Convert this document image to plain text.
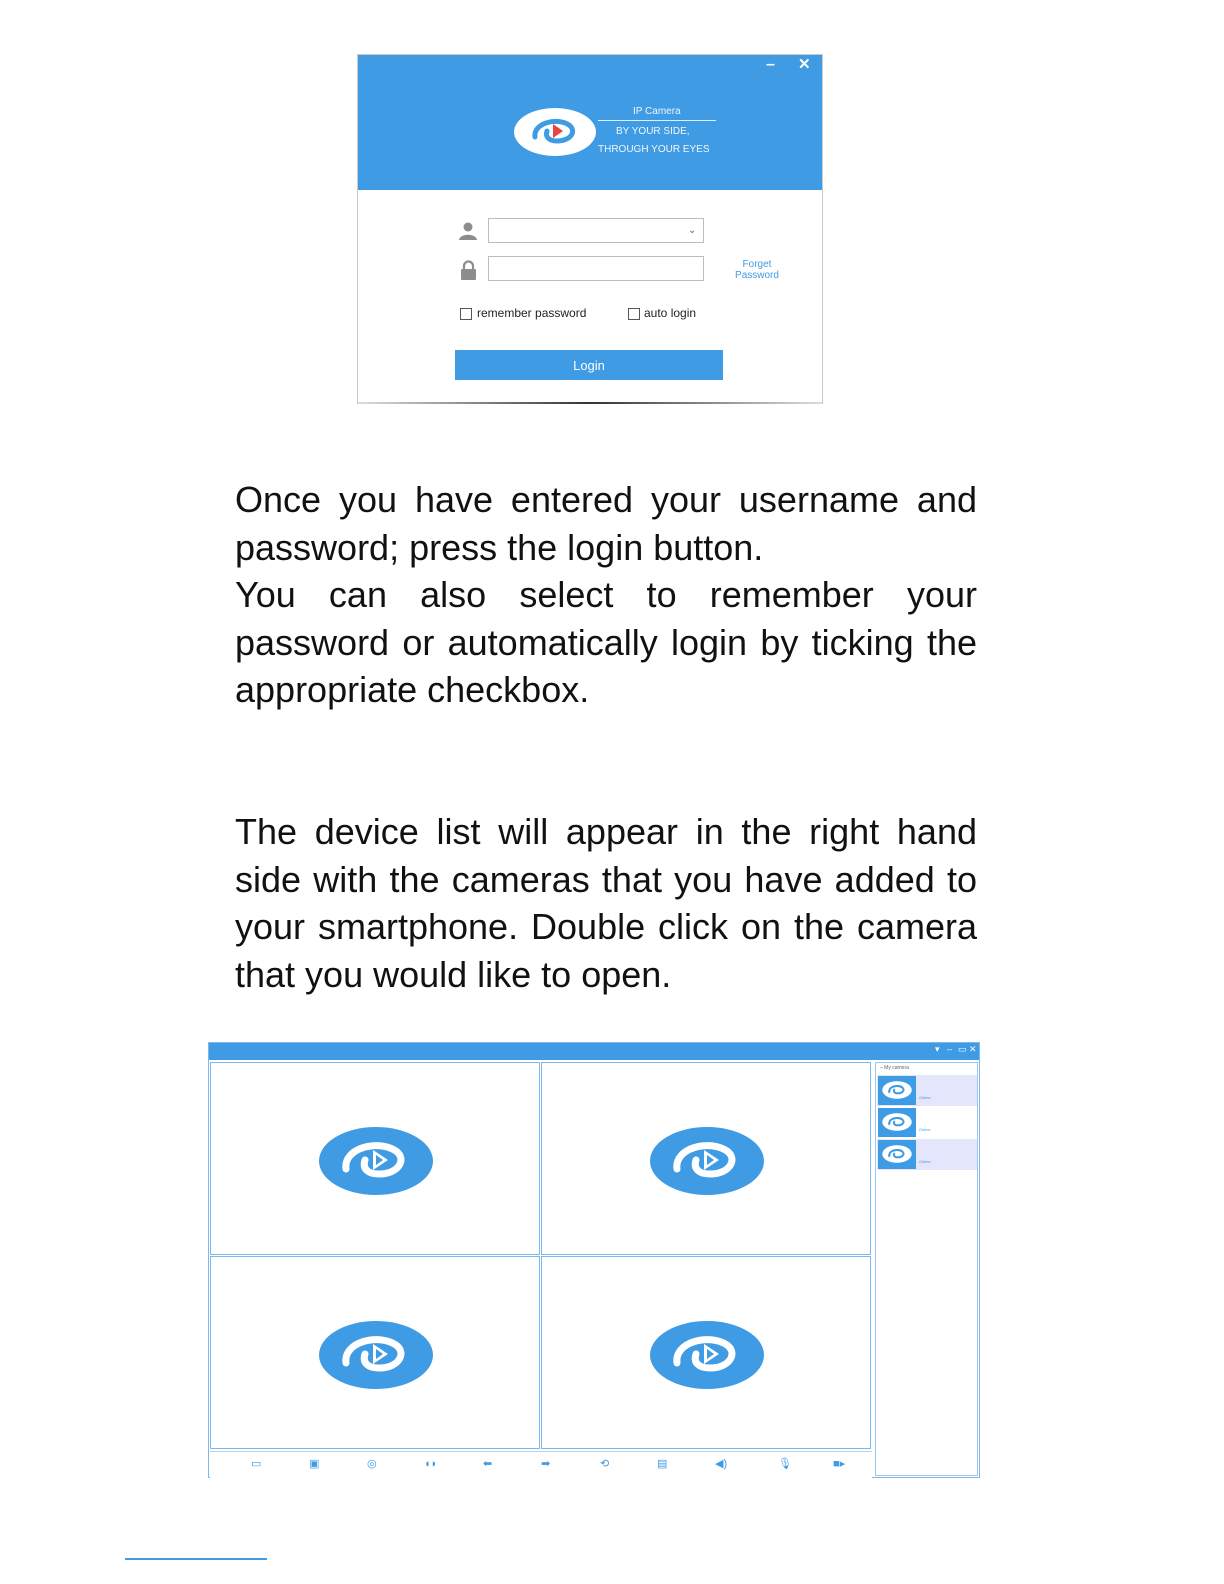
– ✕
IP Camera
BY YOUR SIDE,
THROUGH YOUR EYES
⌄
Forget Password
remember password	auto login
Login

Once you have entered your username and password; press the login button.

You can also select to remember your password or automatically login by ticking the appropriate checkbox.

The device list will appear in the right hand side with the cameras that you have added to your smartphone. Double click on the camera that you would like to open.

▾ – ▭ ✕
– My camera
Online
Online
Online
▭	▣	◎	◖◗	⬅	➡	⟲	▤	◀)	🎙︎	■▸
